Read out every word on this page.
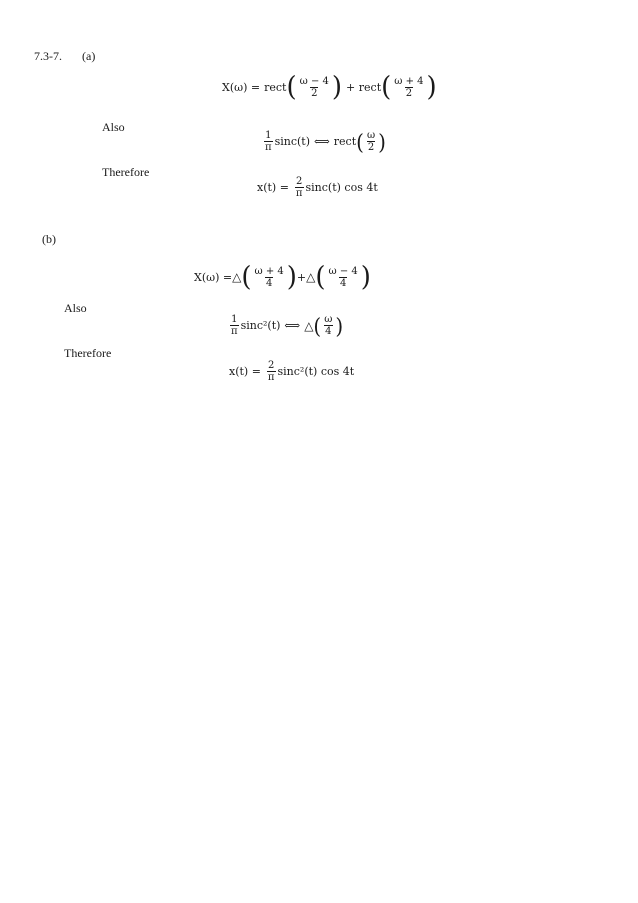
7.3-7. (a)
X(ω) = rect ( $\frac{\omega - 4}{2}$ ) + rect ( $\frac{\omega + 4}{2}$ )
Also
$\frac{1}{\pi} \sin c(t)$ ⟺ rect ( $\frac{\omega}{2}$ )
Therefore
$x(t) = \frac{2}{\pi} \sin c(t)$ cos 4t
(b)
X(ω) = △ ( $\frac{\omega + 4}{4}$ ) + △ ( $\frac{\omega - 4}{4}$ )
Also
$\frac{1}{\pi} \sin c^2(t)$ ⟺ △ ( $\frac{\omega}{4}$ )
Therefore
$x(t) = \frac{2}{\pi} \sin c^2(t)$ cos 4t
